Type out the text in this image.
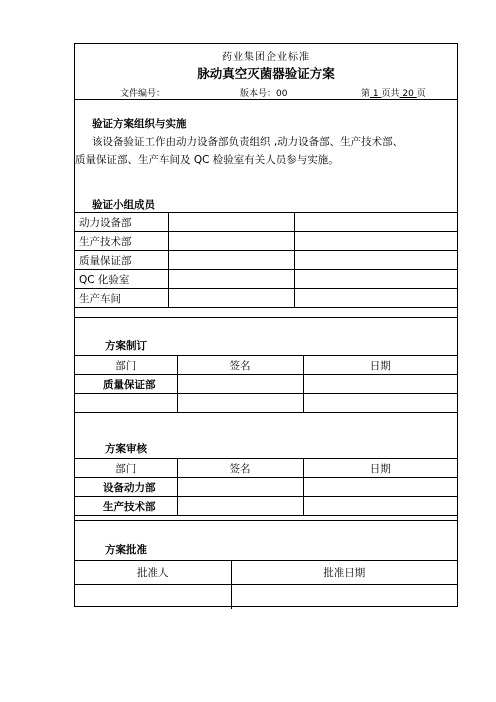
药业集团企业标准
脉动真空灭菌器验证方案
文件编号：	版本号：00	第 1 页共 20 页
验证方案组织与实施
该设备验证工作由动力设备部负责组织 ,动力设备部、生产技术部、
质量保证部、生产车间及 QC 检验室有关人员参与实施。
验证小组成员
动力设备部		
生产技术部		
质量保证部		
QC 化验室		
生产车间		
方案制订
部门	签名	日期
质量保证部		

方案审核
部门	签名	日期
设备动力部		
生产技术部		
方案批准
批准人	批准日期
